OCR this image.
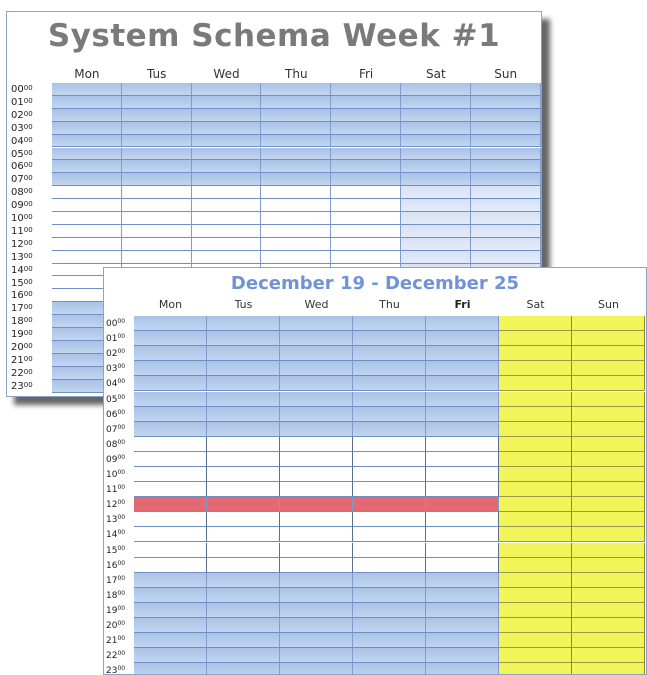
System Schema Week #1
Mon	Tus	Wed	Thu	Fri	Sat	Sun
$00^{00}$
$01^{00}$
$02^{00}$
$03^{00}$
$04^{00}$
$05^{00}$
$06^{00}$
$07^{00}$
$08^{00}$
$09^{00}$
$10^{00}$
$11^{00}$
$12^{00}$
$13^{00}$
$14^{00}$
$15^{00}$
$16^{00}$
$17^{00}$
$18^{00}$
$19^{00}$
$20^{00}$
$21^{00}$
$22^{00}$
$23^{00}$
December 19 - December 25
Mon	Tus	Wed	Thu	Fri	Sat	Sun
$00^{00}$
$01^{00}$
$02^{00}$
$03^{00}$
$04^{00}$
$05^{00}$
$06^{00}$
$07^{00}$
$08^{00}$
$09^{00}$
$10^{00}$
$11^{00}$
$12^{00}$
$13^{00}$
$14^{00}$
$15^{00}$
$16^{00}$
$17^{00}$
$18^{00}$
$19^{00}$
$20^{00}$
$21^{00}$
$22^{00}$
$23^{00}$
